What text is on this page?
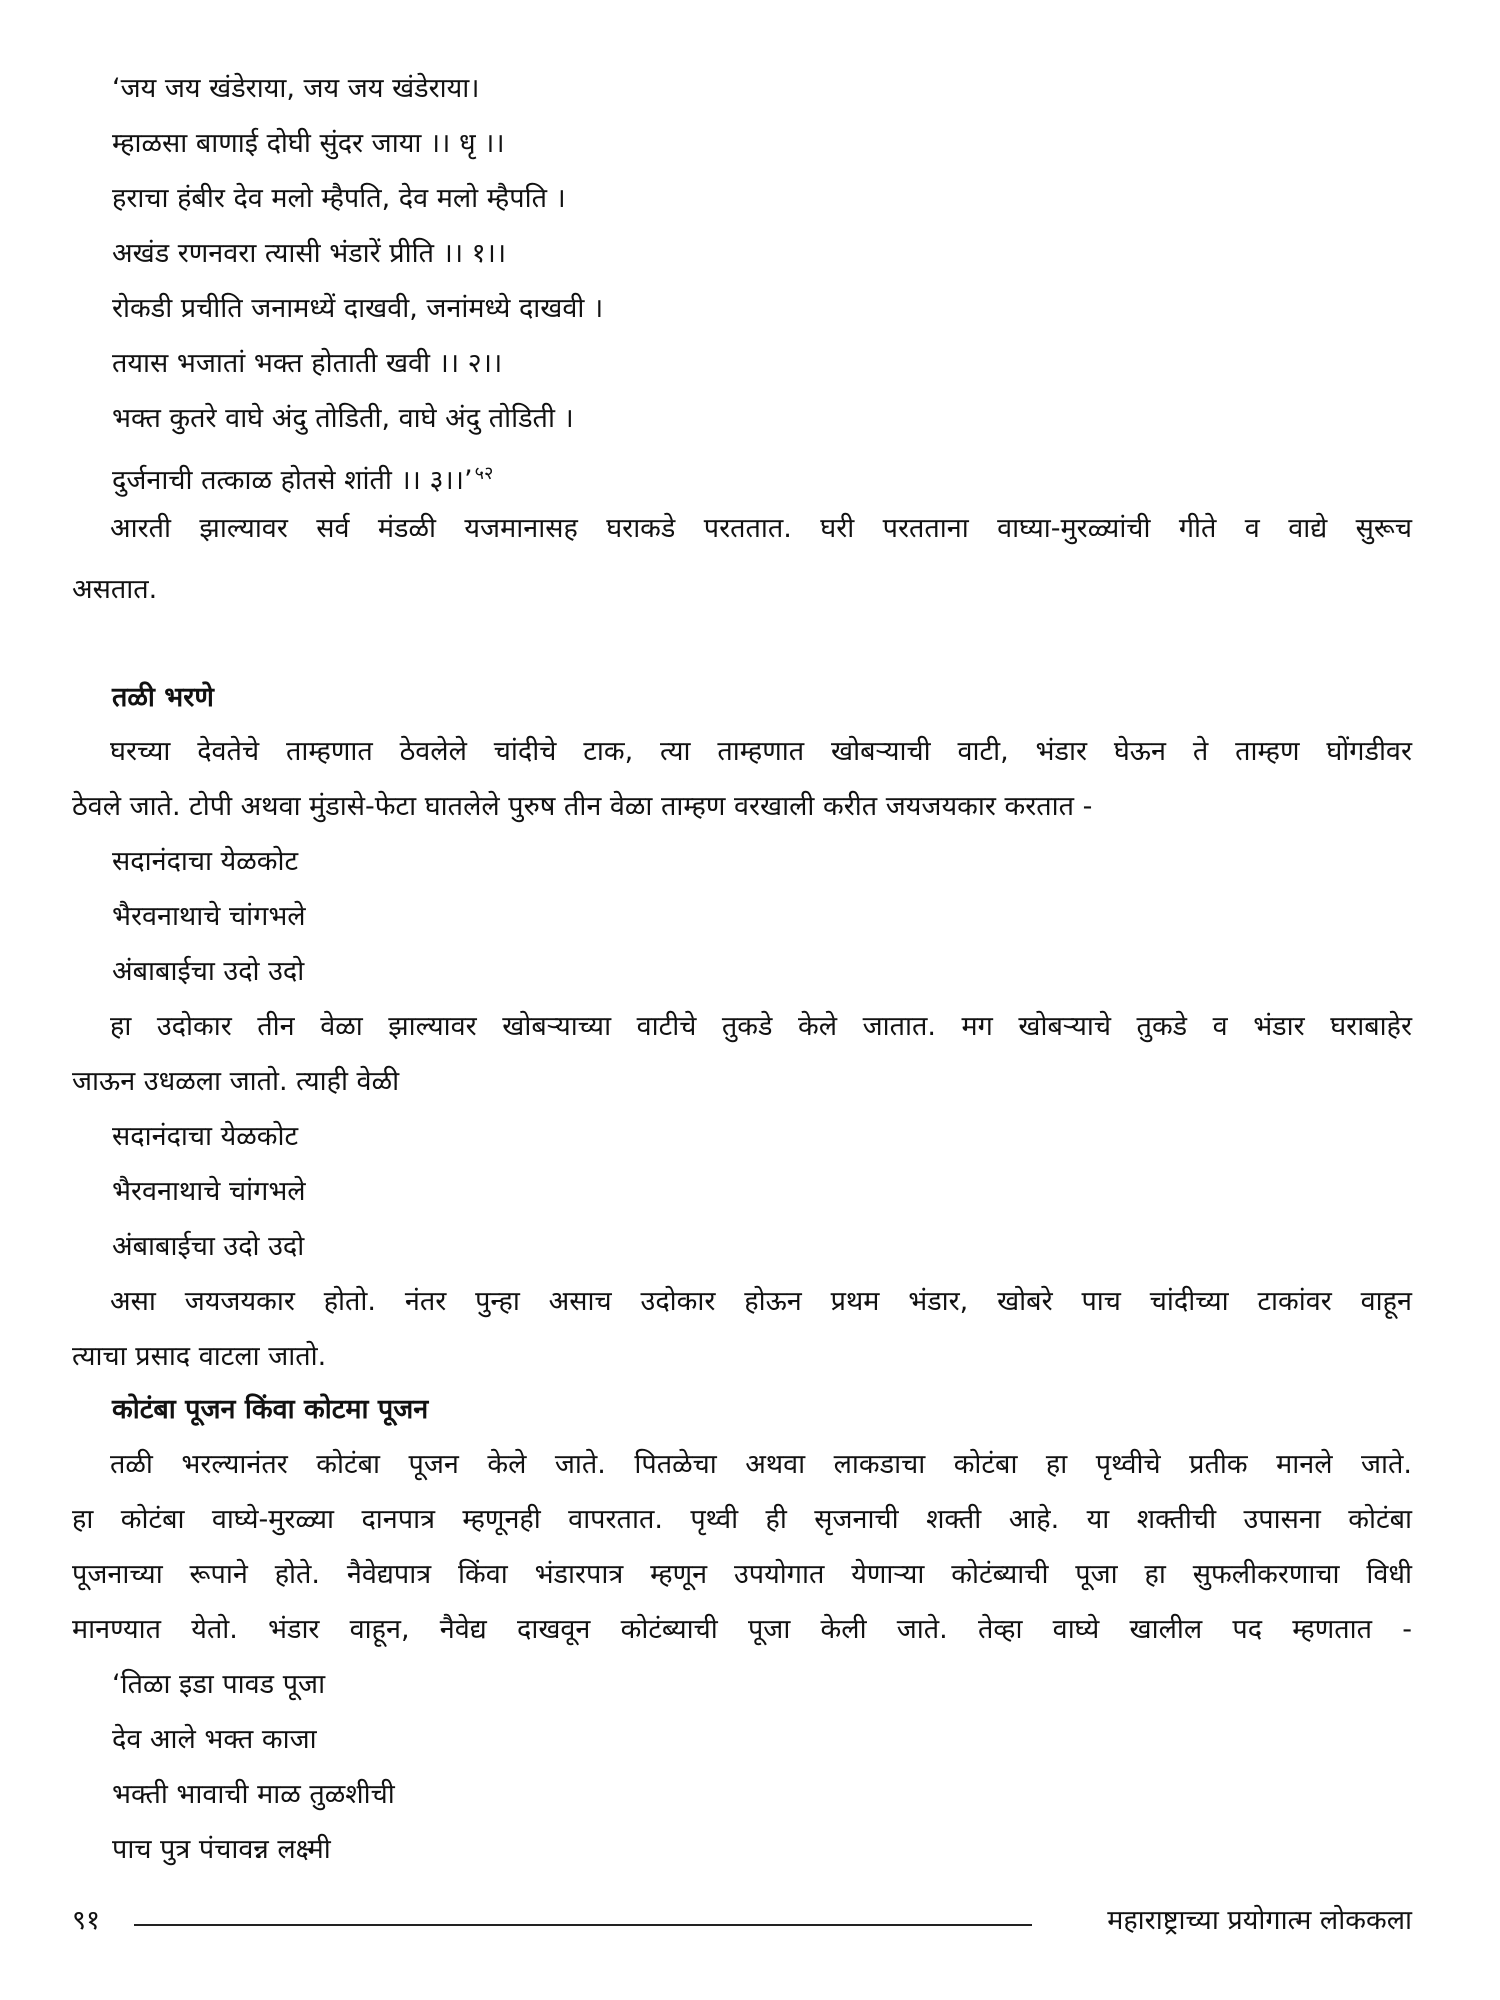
‘जय जय खंडेराया, जय जय खंडेराया।
म्हाळसा बाणाई दोघी सुंदर जाया ।। धृ ।।
हराचा हंबीर देव मलो म्हैपति, देव मलो म्हैपति ।
अखंड रणनवरा त्यासी भंडारें प्रीति ।। १।।
रोकडी प्रचीति जनामध्यें दाखवी, जनांमध्ये दाखवी ।
तयास भजातां भक्त होताती खवी ।। २।।
भक्त कुतरे वाघे अंदु तोडिती, वाघे अंदु तोडिती ।
दुर्जनाची तत्काळ होतसे शांती ।। ३।।’ $^{५२}$
आरती झाल्यावर सर्व मंडळी यजमानासह घराकडे परततात. घरी परतताना वाघ्या-मुरळ्यांची गीते व वाद्ये सुरूच
असतात.
तळी भरणे
घरच्या देवतेचे ताम्हणात ठेवलेले चांदीचे टाक, त्या ताम्हणात खोबऱ्याची वाटी, भंडार घेऊन ते ताम्हण घोंगडीवर
ठेवले जाते. टोपी अथवा मुंडासे-फेटा घातलेले पुरुष तीन वेळा ताम्हण वरखाली करीत जयजयकार करतात -
सदानंदाचा येळकोट
भैरवनाथाचे चांगभले
अंबाबाईचा उदो उदो
हा उदोकार तीन वेळा झाल्यावर खोबऱ्याच्या वाटीचे तुकडे केले जातात. मग खोबऱ्याचे तुकडे व भंडार घराबाहेर
जाऊन उधळला जातो. त्याही वेळी
सदानंदाचा येळकोट
भैरवनाथाचे चांगभले
अंबाबाईचा उदो उदो
असा जयजयकार होतो. नंतर पुन्हा असाच उदोकार होऊन प्रथम भंडार, खोबरे पाच चांदीच्या टाकांवर वाहून
त्याचा प्रसाद वाटला जातो.
कोटंबा पूजन किंवा कोटमा पूजन
तळी भरल्यानंतर कोटंबा पूजन केले जाते. पितळेचा अथवा लाकडाचा कोटंबा हा पृथ्वीचे प्रतीक मानले जाते.
हा कोटंबा वाघ्ये-मुरळ्या दानपात्र म्हणूनही वापरतात. पृथ्वी ही सृजनाची शक्ती आहे. या शक्तीची उपासना कोटंबा
पूजनाच्या रूपाने होते. नैवेद्यपात्र किंवा भंडारपात्र म्हणून उपयोगात येणाऱ्या कोटंब्याची पूजा हा सुफलीकरणाचा विधी
मानण्यात येतो. भंडार वाहून, नैवेद्य दाखवून कोटंब्याची पूजा केली जाते. तेव्हा वाघ्ये खालील पद म्हणतात -
‘तिळा इडा पावड पूजा
देव आले भक्त काजा
भक्ती भावाची माळ तुळशीची
पाच पुत्र पंचावन्न लक्ष्मी
९१	महाराष्ट्राच्या प्रयोगात्म लोककला
